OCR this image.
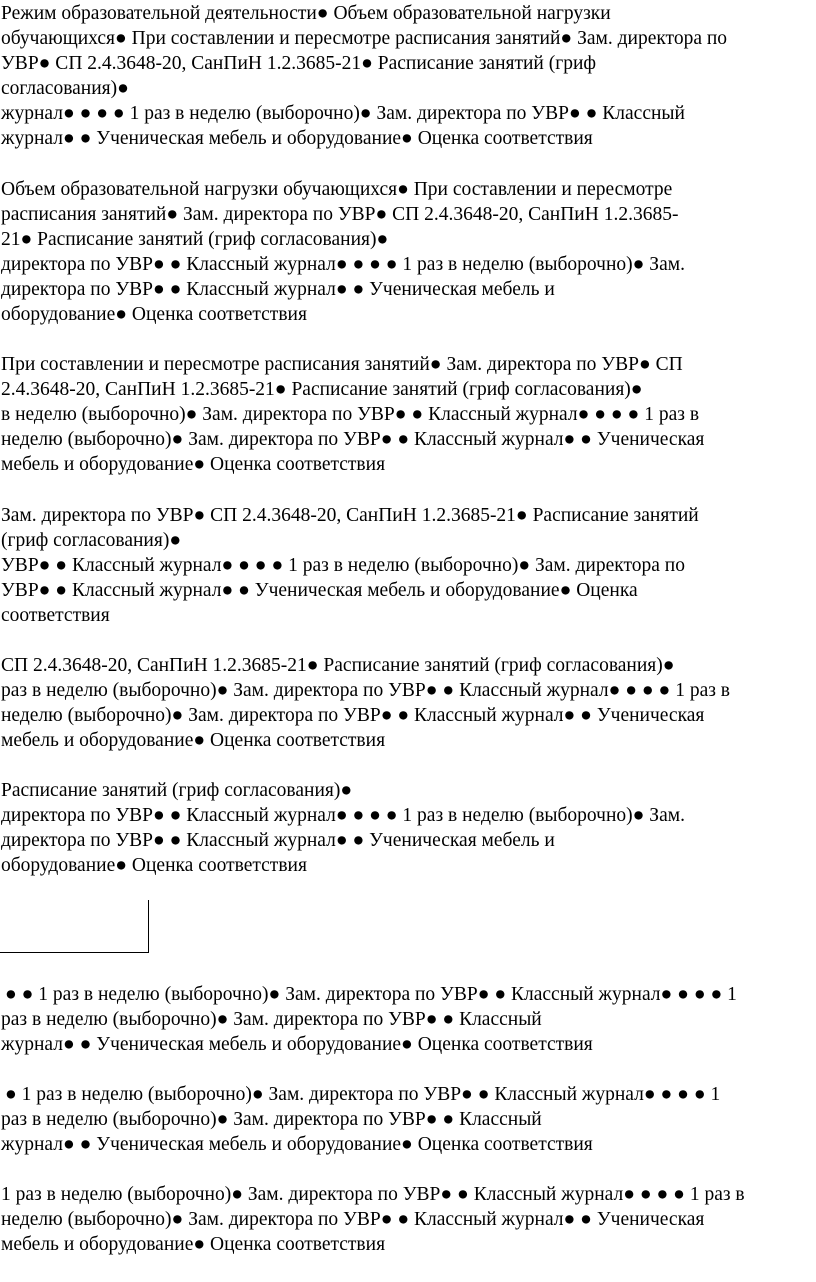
Режим образовательной деятельности● Объем образовательной нагрузки

обучающихся● При составлении и пересмотре расписания занятий● Зам. директора по

УВР● СП 2.4.3648-20, СанПиН 1.2.3685-21● Расписание занятий (гриф

согласования)●

журнал● ● ● ● 1 раз в неделю (выборочно)● Зам. директора по УВР● ● Классный

журнал● ● Ученическая мебель и оборудование● Оценка соответствия

Объем образовательной нагрузки обучающихся● При составлении и пересмотре

расписания занятий● Зам. директора по УВР● СП 2.4.3648-20, СанПиН 1.2.3685-

21● Расписание занятий (гриф согласования)●

директора по УВР● ● Классный журнал● ● ● ● 1 раз в неделю (выборочно)● Зам.

директора по УВР● ● Классный журнал● ● Ученическая мебель и

оборудование● Оценка соответствия

При составлении и пересмотре расписания занятий● Зам. директора по УВР● СП

2.4.3648-20, СанПиН 1.2.3685-21● Расписание занятий (гриф согласования)●

в неделю (выборочно)● Зам. директора по УВР● ● Классный журнал● ● ● ● 1 раз в

неделю (выборочно)● Зам. директора по УВР● ● Классный журнал● ● Ученическая

мебель и оборудование● Оценка соответствия

Зам. директора по УВР● СП 2.4.3648-20, СанПиН 1.2.3685-21● Расписание занятий

(гриф согласования)●

УВР● ● Классный журнал● ● ● ● 1 раз в неделю (выборочно)● Зам. директора по

УВР● ● Классный журнал● ● Ученическая мебель и оборудование● Оценка

соответствия

СП 2.4.3648-20, СанПиН 1.2.3685-21● Расписание занятий (гриф согласования)●

раз в неделю (выборочно)● Зам. директора по УВР● ● Классный журнал● ● ● ● 1 раз в

неделю (выборочно)● Зам. директора по УВР● ● Классный журнал● ● Ученическая

мебель и оборудование● Оценка соответствия

Расписание занятий (гриф согласования)●

директора по УВР● ● Классный журнал● ● ● ● 1 раз в неделю (выборочно)● Зам.

директора по УВР● ● Классный журнал● ● Ученическая мебель и

оборудование● Оценка соответствия

● ● 1 раз в неделю (выборочно)● Зам. директора по УВР● ● Классный журнал● ● ● ● 1

раз в неделю (выборочно)● Зам. директора по УВР● ● Классный

журнал● ● Ученическая мебель и оборудование● Оценка соответствия

● 1 раз в неделю (выборочно)● Зам. директора по УВР● ● Классный журнал● ● ● ● 1

раз в неделю (выборочно)● Зам. директора по УВР● ● Классный

журнал● ● Ученическая мебель и оборудование● Оценка соответствия

1 раз в неделю (выборочно)● Зам. директора по УВР● ● Классный журнал● ● ● ● 1 раз в

неделю (выборочно)● Зам. директора по УВР● ● Классный журнал● ● Ученическая

мебель и оборудование● Оценка соответствия
